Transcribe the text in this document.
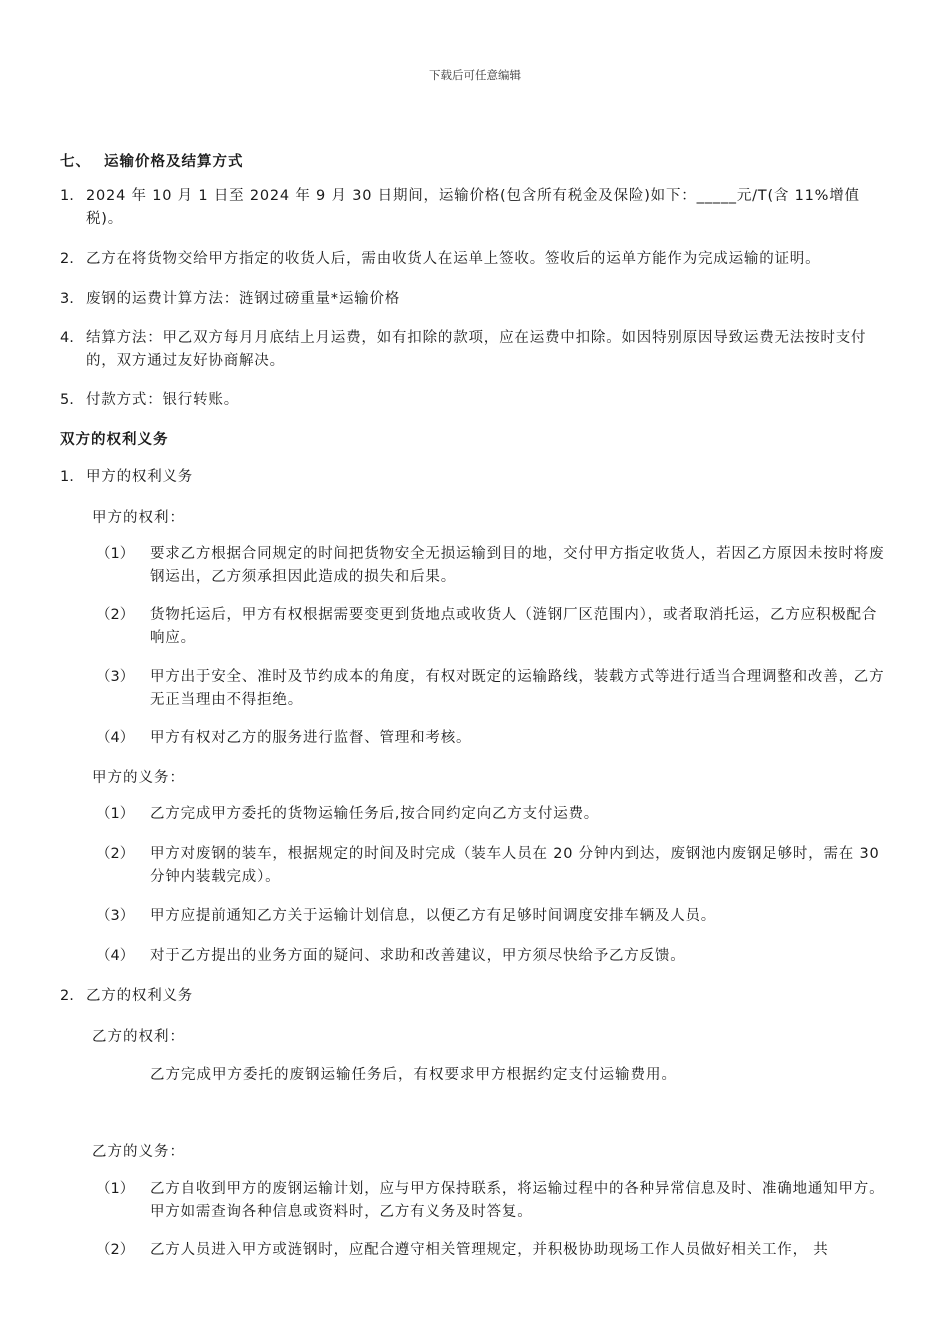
下载后可任意编辑
七、 运输价格及结算方式
1. 2024 年 10 月 1 日至 2024 年 9 月 30 日期间，运输价格(包含所有税金及保险)如下：_____元/T(含 11%增值税)。
2. 乙方在将货物交给甲方指定的收货人后，需由收货人在运单上签收。签收后的运单方能作为完成运输的证明。
3. 废钢的运费计算方法：涟钢过磅重量*运输价格
4. 结算方法：甲乙双方每月月底结上月运费，如有扣除的款项，应在运费中扣除。如因特别原因导致运费无法按时支付的，双方通过友好协商解决。
5. 付款方式：银行转账。
双方的权利义务
1. 甲方的权利义务
甲方的权利：
（1）	要求乙方根据合同规定的时间把货物安全无损运输到目的地，交付甲方指定收货人，若因乙方原因未按时将废钢运出，乙方须承担因此造成的损失和后果。
（2）	货物托运后，甲方有权根据需要变更到货地点或收货人（涟钢厂区范围内），或者取消托运，乙方应积极配合响应。
（3）	甲方出于安全、准时及节约成本的角度，有权对既定的运输路线，装载方式等进行适当合理调整和改善，乙方无正当理由不得拒绝。
（4）	甲方有权对乙方的服务进行监督、管理和考核。
甲方的义务：
（1）	乙方完成甲方委托的货物运输任务后,按合同约定向乙方支付运费。
（2）	甲方对废钢的装车，根据规定的时间及时完成（装车人员在 20 分钟内到达，废钢池内废钢足够时，需在 30 分钟内装载完成）。
（3）	甲方应提前通知乙方关于运输计划信息，以便乙方有足够时间调度安排车辆及人员。
（4）	对于乙方提出的业务方面的疑问、求助和改善建议，甲方须尽快给予乙方反馈。
2. 乙方的权利义务
乙方的权利：
乙方完成甲方委托的废钢运输任务后，有权要求甲方根据约定支付运输费用。
乙方的义务：
（1）	乙方自收到甲方的废钢运输计划，应与甲方保持联系，将运输过程中的各种异常信息及时、准确地通知甲方。甲方如需查询各种信息或资料时，乙方有义务及时答复。
（2）	乙方人员进入甲方或涟钢时，应配合遵守相关管理规定，并积极协助现场工作人员做好相关工作， 共
